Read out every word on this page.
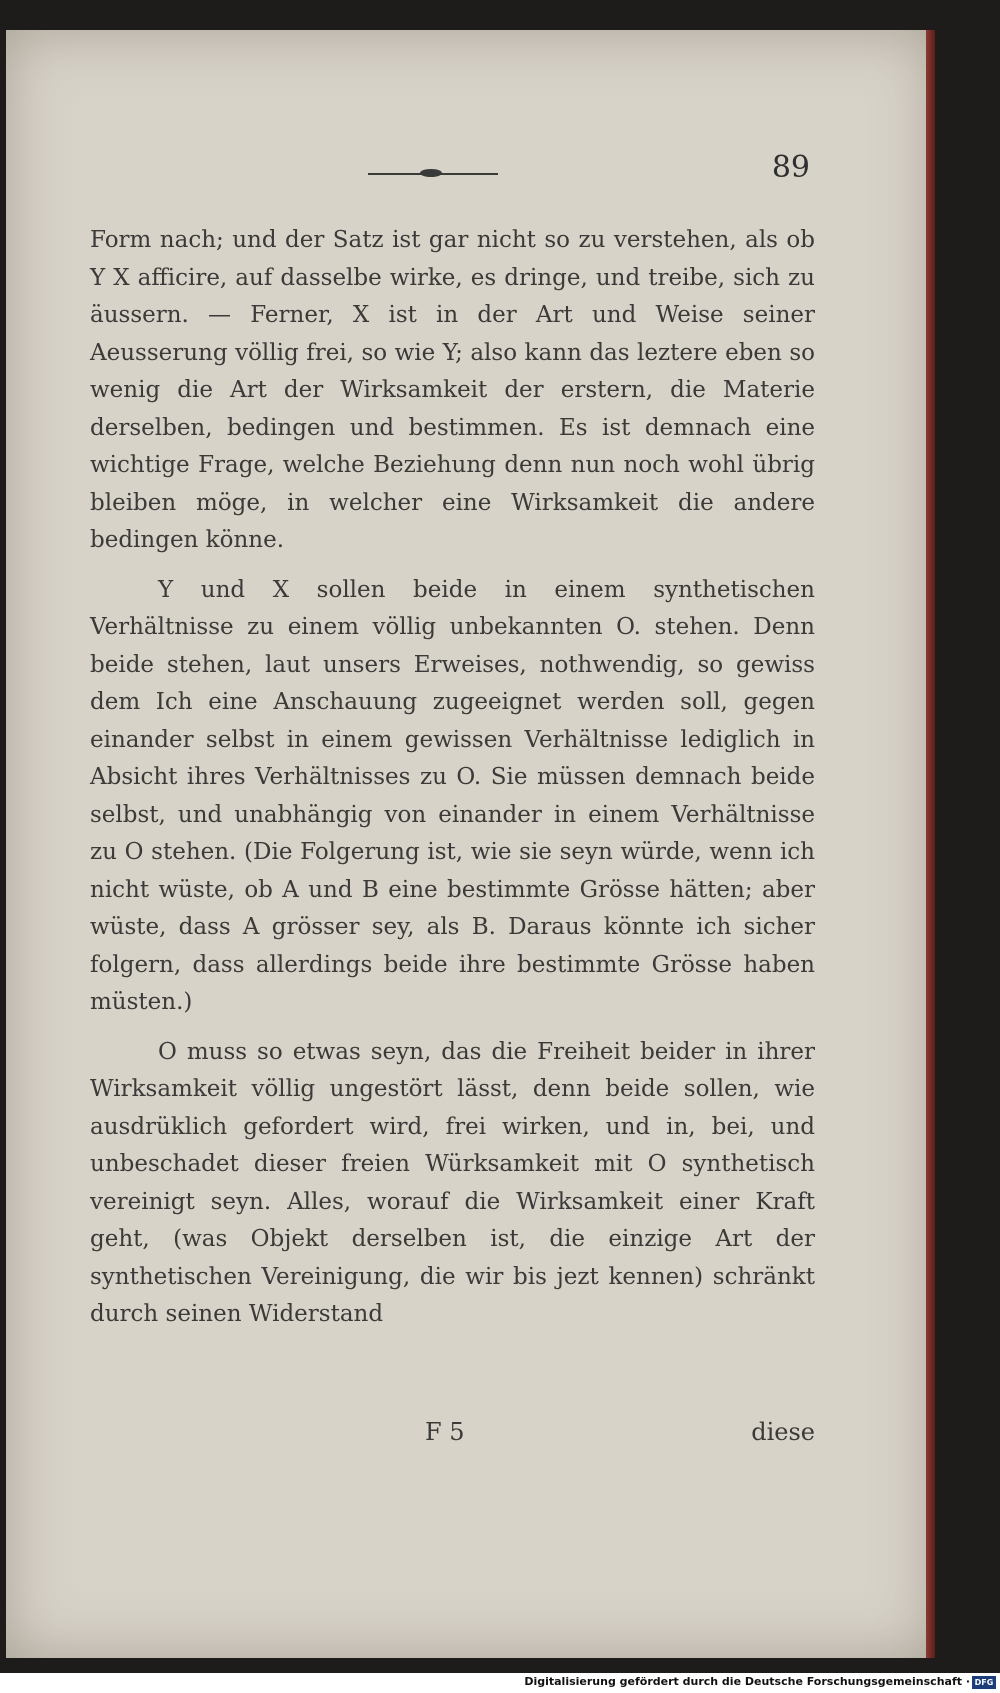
89

Form nach; und der Satz ist gar nicht so zu verstehen, als ob Y X afficire, auf dasselbe wirke, es dringe, und treibe, sich zu äussern. — Ferner, X ist in der Art und Weise seiner Aeusserung völlig frei, so wie Y; also kann das leztere eben so wenig die Art der Wirksamkeit der erstern, die Materie derselben, bedingen und bestimmen. Es ist demnach eine wichtige Frage, welche Beziehung denn nun noch wohl übrig bleiben möge, in welcher eine Wirksamkeit die andere bedingen könne.

Y und X sollen beide in einem synthetischen Verhältnisse zu einem völlig unbekannten O. stehen. Denn beide stehen, laut unsers Erweises, nothwendig, so gewiss dem Ich eine Anschauung zugeeignet werden soll, gegen einander selbst in einem gewissen Verhältnisse lediglich in Absicht ihres Verhältnisses zu O. Sie müssen demnach beide selbst, und unabhängig von einander in einem Verhältnisse zu O stehen. (Die Folgerung ist, wie sie seyn würde, wenn ich nicht wüste, ob A und B eine bestimmte Grösse hätten; aber wüste, dass A grösser sey, als B. Daraus könnte ich sicher folgern, dass allerdings beide ihre bestimmte Grösse haben müsten.)

O muss so etwas seyn, das die Freiheit beider in ihrer Wirksamkeit völlig ungestört lässt, denn beide sollen, wie ausdrüklich gefordert wird, frei wirken, und in, bei, und unbeschadet dieser freien Würksamkeit mit O synthetisch vereinigt seyn. Alles, worauf die Wirksamkeit einer Kraft geht, (was Objekt derselben ist, die einzige Art der synthetischen Vereinigung, die wir bis jezt kennen) schränkt durch seinen Widerstand

F 5	diese
Digitalisierung gefördert durch die Deutsche Forschungsgemeinschaft · DFG
